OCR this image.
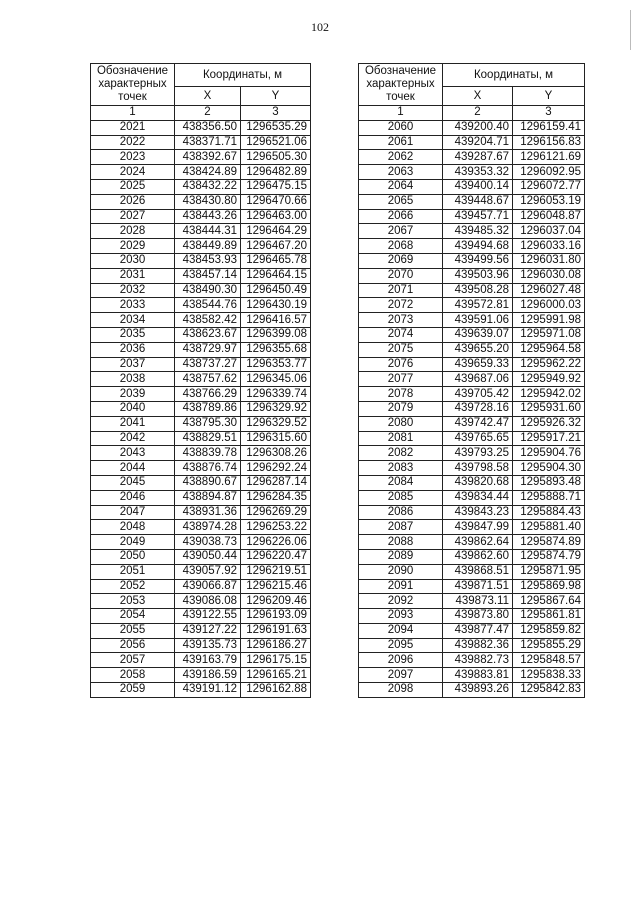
102
Обозначение характерных точек	Координаты, м	
	X	Y
1	2	3
2021	438356.50	1296535.29
2022	438371.71	1296521.06
2023	438392.67	1296505.30
2024	438424.89	1296482.89
2025	438432.22	1296475.15
2026	438430.80	1296470.66
2027	438443.26	1296463.00
2028	438444.31	1296464.29
2029	438449.89	1296467.20
2030	438453.93	1296465.78
2031	438457.14	1296464.15
2032	438490.30	1296450.49
2033	438544.76	1296430.19
2034	438582.42	1296416.57
2035	438623.67	1296399.08
2036	438729.97	1296355.68
2037	438737.27	1296353.77
2038	438757.62	1296345.06
2039	438766.29	1296339.74
2040	438789.86	1296329.92
2041	438795.30	1296329.52
2042	438829.51	1296315.60
2043	438839.78	1296308.26
2044	438876.74	1296292.24
2045	438890.67	1296287.14
2046	438894.87	1296284.35
2047	438931.36	1296269.29
2048	438974.28	1296253.22
2049	439038.73	1296226.06
2050	439050.44	1296220.47
2051	439057.92	1296219.51
2052	439066.87	1296215.46
2053	439086.08	1296209.46
2054	439122.55	1296193.09
2055	439127.22	1296191.63
2056	439135.73	1296186.27
2057	439163.79	1296175.15
2058	439186.59	1296165.21
2059	439191.12	1296162.88
Обозначение характерных точек	Координаты, м	
	X	Y
1	2	3
2060	439200.40	1296159.41
2061	439204.71	1296156.83
2062	439287.67	1296121.69
2063	439353.32	1296092.95
2064	439400.14	1296072.77
2065	439448.67	1296053.19
2066	439457.71	1296048.87
2067	439485.32	1296037.04
2068	439494.68	1296033.16
2069	439499.56	1296031.80
2070	439503.96	1296030.08
2071	439508.28	1296027.48
2072	439572.81	1296000.03
2073	439591.06	1295991.98
2074	439639.07	1295971.08
2075	439655.20	1295964.58
2076	439659.33	1295962.22
2077	439687.06	1295949.92
2078	439705.42	1295942.02
2079	439728.16	1295931.60
2080	439742.47	1295926.32
2081	439765.65	1295917.21
2082	439793.25	1295904.76
2083	439798.58	1295904.30
2084	439820.68	1295893.48
2085	439834.44	1295888.71
2086	439843.23	1295884.43
2087	439847.99	1295881.40
2088	439862.64	1295874.89
2089	439862.60	1295874.79
2090	439868.51	1295871.95
2091	439871.51	1295869.98
2092	439873.11	1295867.64
2093	439873.80	1295861.81
2094	439877.47	1295859.82
2095	439882.36	1295855.29
2096	439882.73	1295848.57
2097	439883.81	1295838.33
2098	439893.26	1295842.83
